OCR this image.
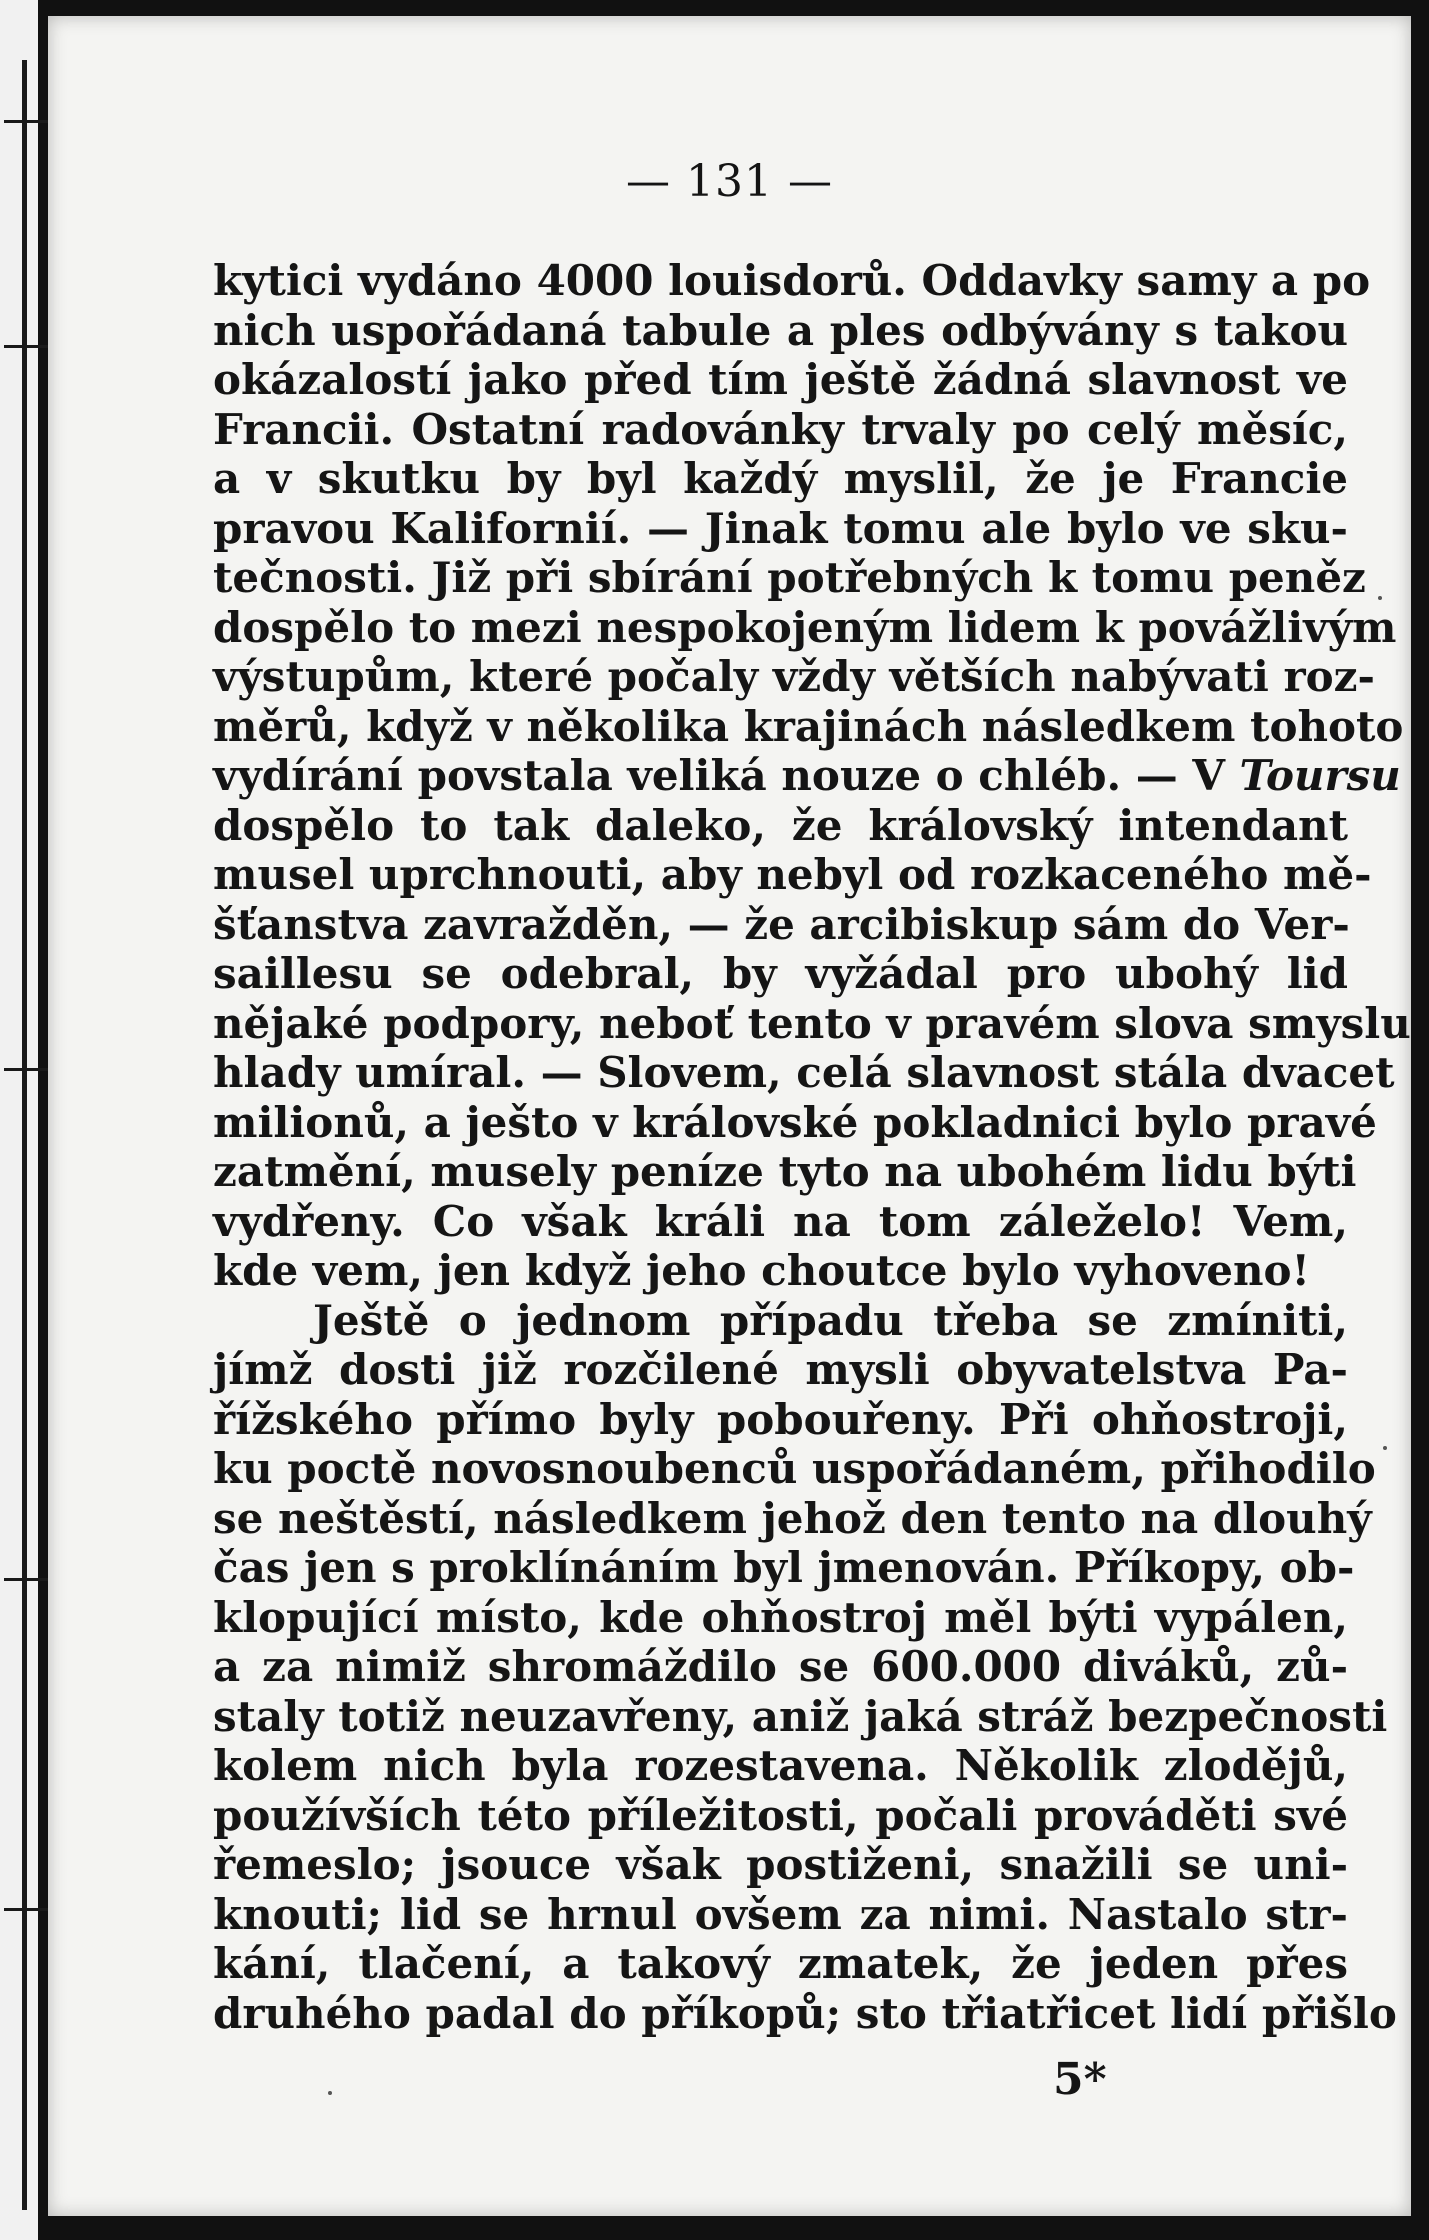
— 131 —
kytici vydáno 4000 louisdorů. Oddavky samy a po
nich uspořádaná tabule a ples odbývány s takou
okázalostí jako před tím ještě žádná slavnost ve
Francii. Ostatní radovánky trvaly po celý měsíc,
a v skutku by byl každý myslil, že je Francie
pravou Kalifornií. — Jinak tomu ale bylo ve sku-
tečnosti. Již při sbírání potřebných k tomu peněz
dospělo to mezi nespokojeným lidem k povážlivým
výstupům, které počaly vždy větších nabývati roz-
měrů, když v několika krajinách následkem tohoto
vydírání povstala veliká nouze o chléb. — V Toursu
dospělo to tak daleko, že královský intendant
musel uprchnouti, aby nebyl od rozkaceného mě-
šťanstva zavražděn, — že arcibiskup sám do Ver-
saillesu se odebral, by vyžádal pro ubohý lid
nějaké podpory, neboť tento v pravém slova smyslu
hlady umíral. — Slovem, celá slavnost stála dvacet
milionů, a ješto v královské pokladnici bylo pravé
zatmění, musely peníze tyto na ubohém lidu býti
vydřeny. Co však králi na tom záleželo! Vem,
kde vem, jen když jeho choutce bylo vyhoveno!
Ještě o jednom případu třeba se zmíniti,
jímž dosti již rozčilené mysli obyvatelstva Pa-
řížského přímo byly pobouřeny. Při ohňostroji,
ku poctě novosnoubenců uspořádaném, přihodilo
se neštěstí, následkem jehož den tento na dlouhý
čas jen s proklínáním byl jmenován. Příkopy, ob-
klopující místo, kde ohňostroj měl býti vypálen,
a za nimiž shromáždilo se 600.000 diváků, zů-
staly totiž neuzavřeny, aniž jaká stráž bezpečnosti
kolem nich byla rozestavena. Několik zlodějů,
používších této příležitosti, počali prováděti své
řemeslo; jsouce však postiženi, snažili se uni-
knouti; lid se hrnul ovšem za nimi. Nastalo str-
kání, tlačení, a takový zmatek, že jeden přes
druhého padal do příkopů; sto třiatřicet lidí přišlo
5*
